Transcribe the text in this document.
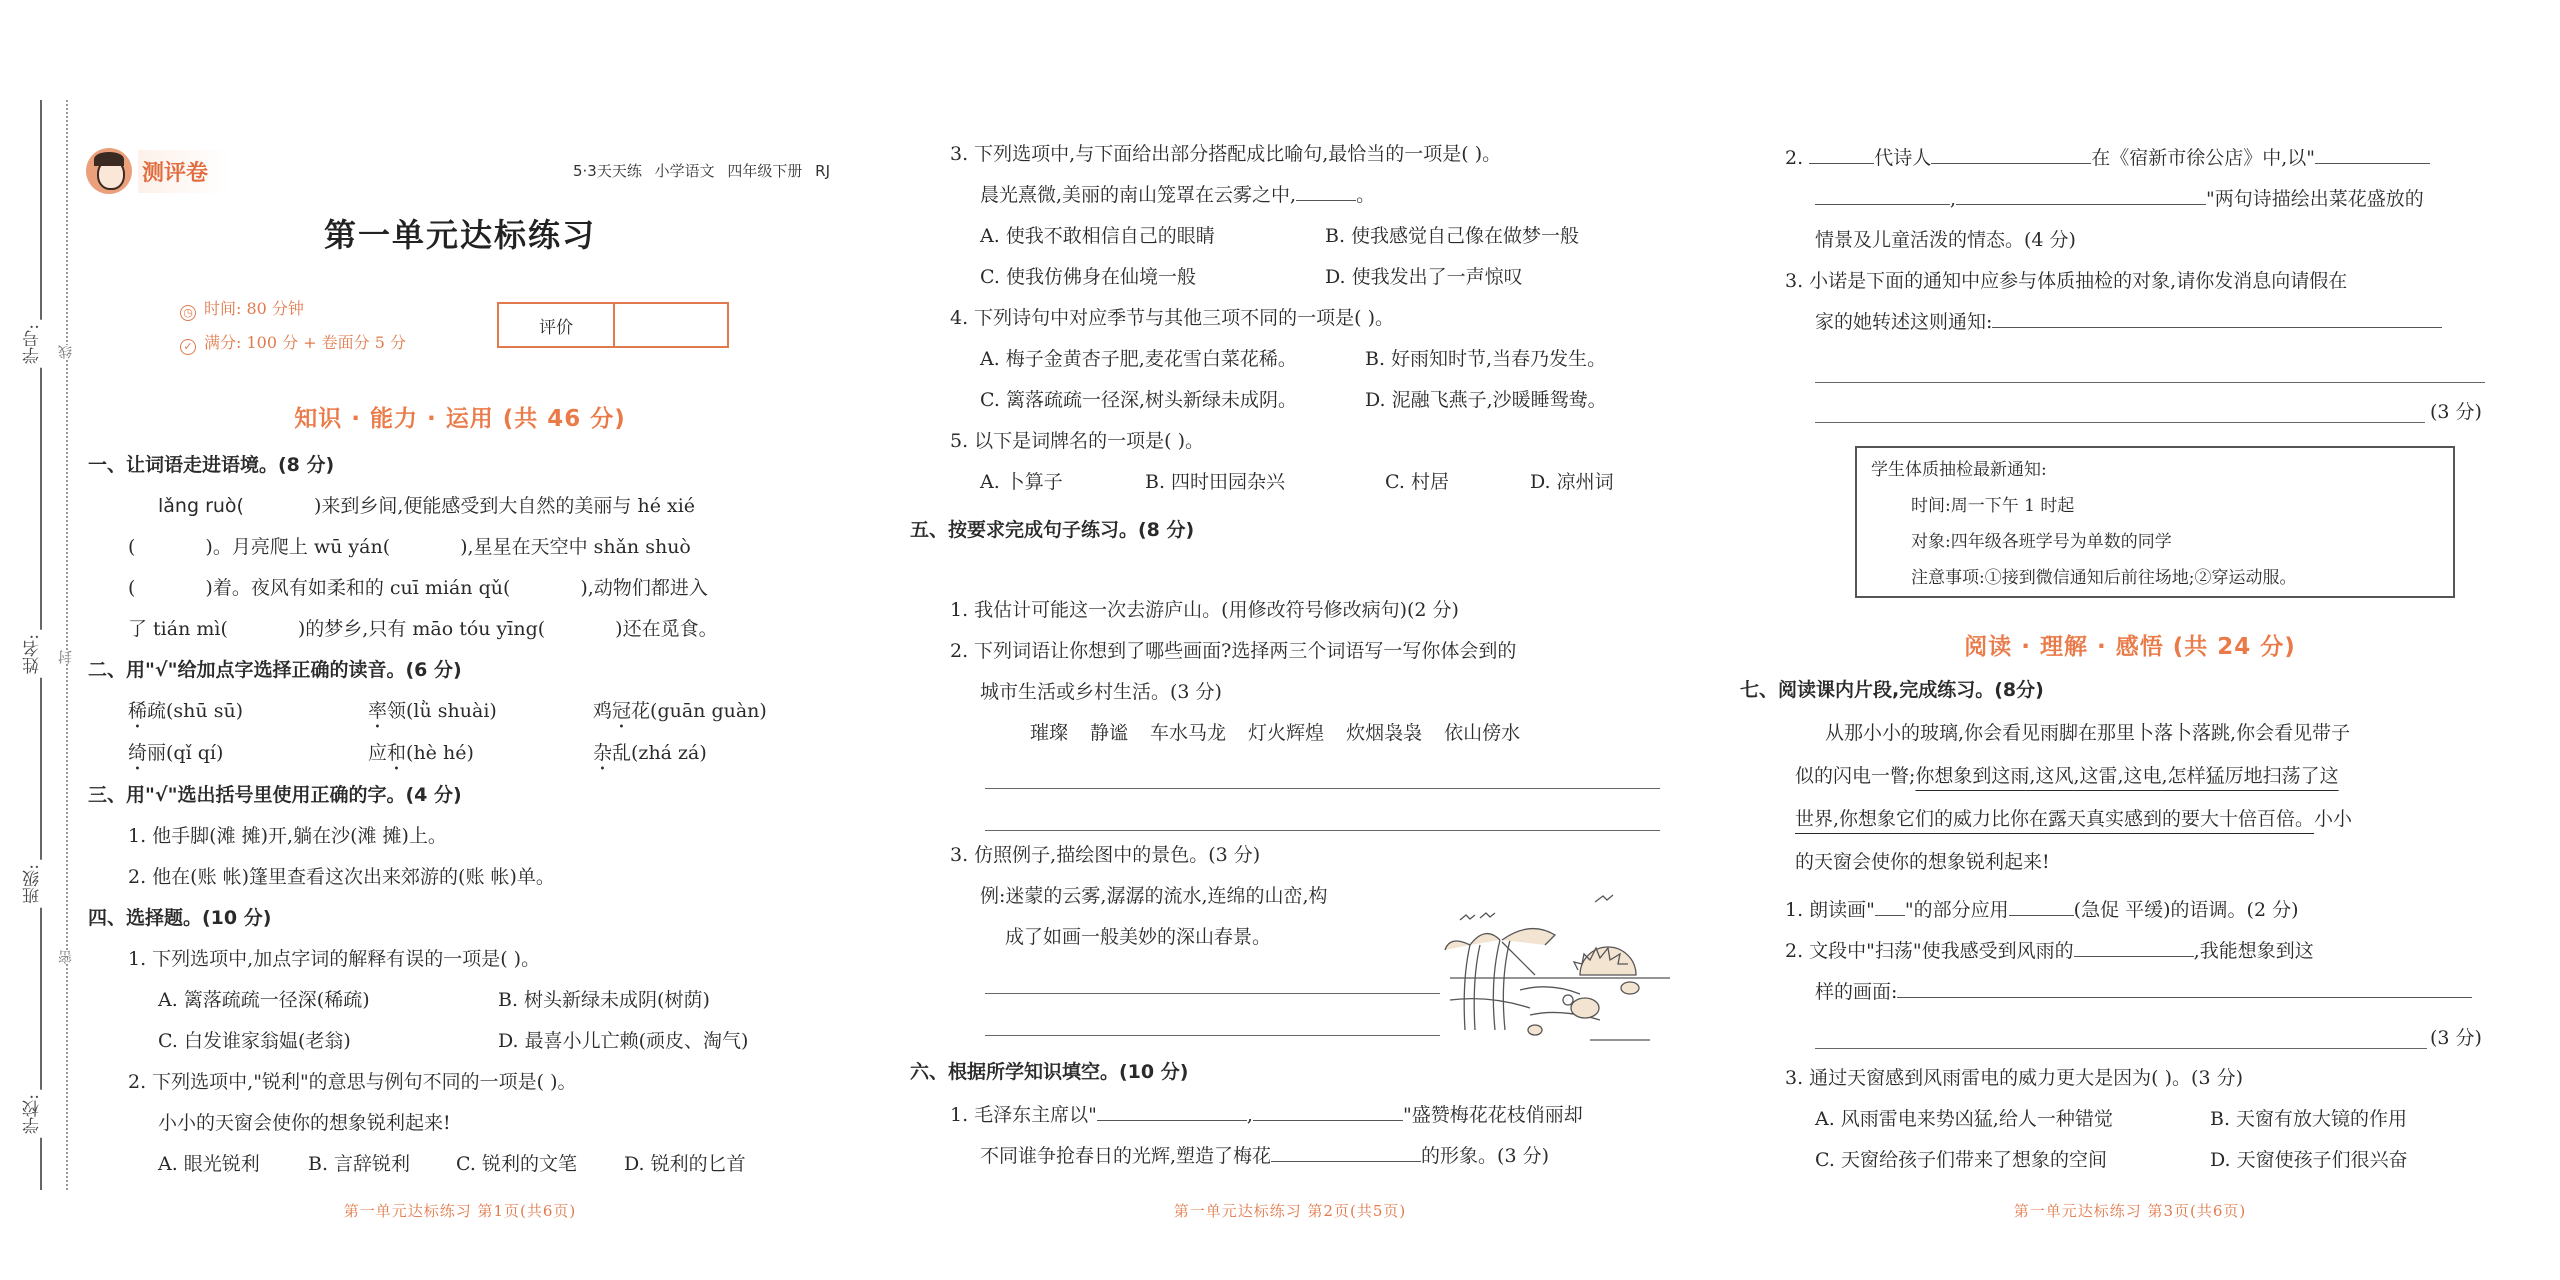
学号:
姓名:
班级:
学校:
线
封
密
测评卷	5·3天天练 小学语文 四年级下册 RJ
第一单元达标练习
◷ 时间: 80 分钟
✓ 满分: 100 分 + 卷面分 5 分
评价
知识 · 能力 · 运用 (共 46 分)
一、让词语走进语境。(8 分)
lǎng ruò(	)来到乡间,便能感受到大自然的美丽与 hé xié
(	)。月亮爬上 wū yán(	),星星在天空中 shǎn shuò
(	)着。夜风有如柔和的 cuī mián qǔ(	),动物们都进入
了 tián mì(	)的梦乡,只有 māo tóu yīng(	)还在觅食。
二、用"√"给加点字选择正确的读音。(6 分)
稀疏(shū sū)	率领(lǜ shuài)	鸡冠花(guān guàn)
绮丽(qǐ qí)	应和(hè hé)	杂乱(zhá zá)
三、用"√"选出括号里使用正确的字。(4 分)
1. 他手脚(滩 摊)开,躺在沙(滩 摊)上。
2. 他在(账 帐)篷里查看这次出来郊游的(账 帐)单。
四、选择题。(10 分)
1. 下列选项中,加点字词的解释有误的一项是( )。
A. 篱落疏疏一径深(稀疏)	B. 树头新绿未成阴(树荫)
C. 白发谁家翁媪(老翁)	D. 最喜小儿亡赖(顽皮、淘气)
2. 下列选项中,"锐利"的意思与例句不同的一项是( )。
小小的天窗会使你的想象锐利起来!
A. 眼光锐利	B. 言辞锐利	C. 锐利的文笔	D. 锐利的匕首
第一单元达标练习 第1页(共6页)
3. 下列选项中,与下面给出部分搭配成比喻句,最恰当的一项是( )。
晨光熹微,美丽的南山笼罩在云雾之中,	。
A. 使我不敢相信自己的眼睛	B. 使我感觉自己像在做梦一般
C. 使我仿佛身在仙境一般	D. 使我发出了一声惊叹
4. 下列诗句中对应季节与其他三项不同的一项是( )。
A. 梅子金黄杏子肥,麦花雪白菜花稀。	B. 好雨知时节,当春乃发生。
C. 篱落疏疏一径深,树头新绿未成阴。	D. 泥融飞燕子,沙暖睡鸳鸯。
5. 以下是词牌名的一项是( )。
A. 卜算子	B. 四时田园杂兴	C. 村居	D. 凉州词
五、按要求完成句子练习。(8 分)
1. 我估计可能这一次去游庐山。(用修改符号修改病句)(2 分)
2. 下列词语让你想到了哪些画面?选择两三个词语写一写你体会到的
城市生活或乡村生活。(3 分)
璀璨 静谧 车水马龙 灯火辉煌 炊烟袅袅 依山傍水
3. 仿照例子,描绘图中的景色。(3 分)
例:迷蒙的云雾,潺潺的流水,连绵的山峦,构
成了如画一般美妙的深山春景。
六、根据所学知识填空。(10 分)
1. 毛泽东主席以"	,	"盛赞梅花花枝俏丽却
不同谁争抢春日的光辉,塑造了梅花	的形象。(3 分)
第一单元达标练习 第2页(共5页)
2.	代诗人	在《宿新市徐公店》中,以"
,	"两句诗描绘出菜花盛放的
情景及儿童活泼的情态。(4 分)
3. 小诺是下面的通知中应参与体质抽检的对象,请你发消息向请假在
家的她转述这则通知:
(3 分)
学生体质抽检最新通知:
时间:周一下午 1 时起
对象:四年级各班学号为单数的同学
注意事项:①接到微信通知后前往场地;②穿运动服。
阅读 · 理解 · 感悟 (共 24 分)
七、阅读课内片段,完成练习。(8分)
从那小小的玻璃,你会看见雨脚在那里卜落卜落跳,你会看见带子
似的闪电一瞥;你想象到这雨,这风,这雷,这电,怎样猛厉地扫荡了这
世界,你想象它们的威力比你在露天真实感到的要大十倍百倍。小小
的天窗会使你的想象锐利起来!
1. 朗读画" "的部分应用	(急促 平缓)的语调。(2 分)
2. 文段中"扫荡"使我感受到风雨的	,我能想象到这
样的画面:
(3 分)
3. 通过天窗感到风雨雷电的威力更大是因为( )。(3 分)
A. 风雨雷电来势凶猛,给人一种错觉	B. 天窗有放大镜的作用
C. 天窗给孩子们带来了想象的空间	D. 天窗使孩子们很兴奋
第一单元达标练习 第3页(共6页)
